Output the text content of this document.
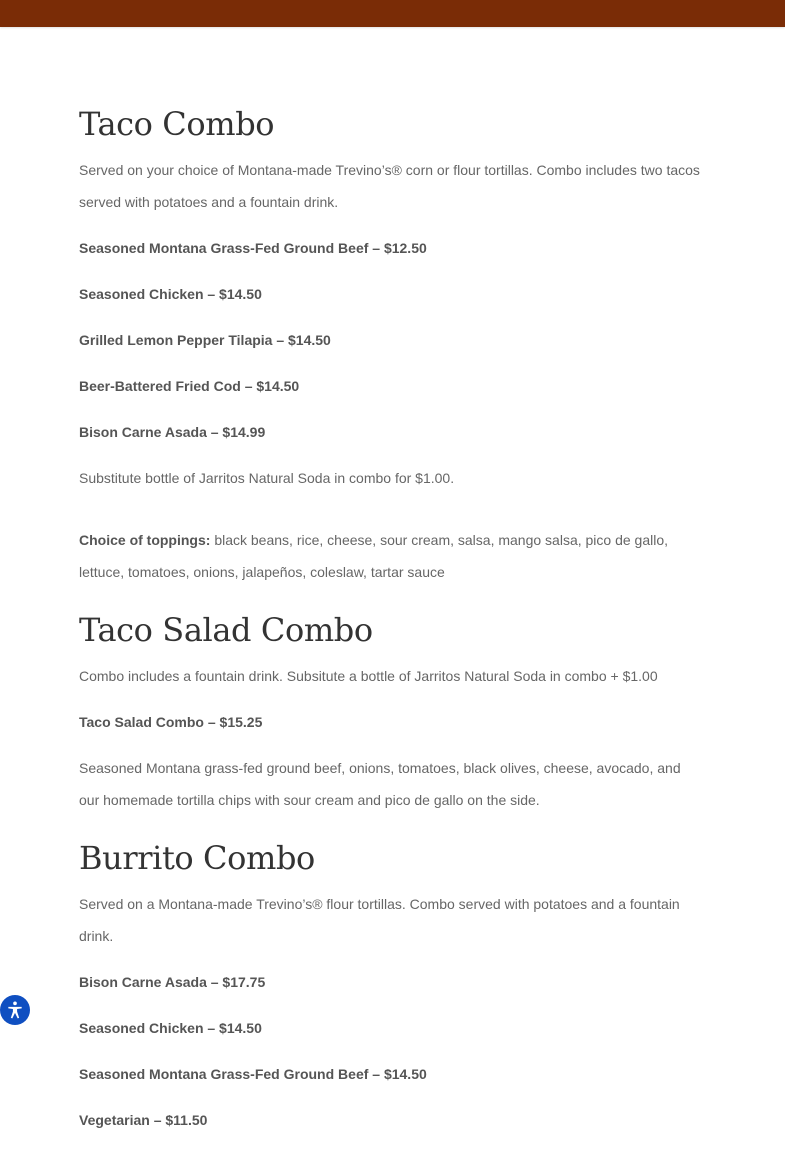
Taco Combo

Served on your choice of Montana-made Trevino’s® corn or flour tortillas. Combo includes two tacos served with potatoes and a fountain drink.

Seasoned Montana Grass-Fed Ground Beef – $12.50

Seasoned Chicken – $14.50

Grilled Lemon Pepper Tilapia – $14.50

Beer-Battered Fried Cod – $14.50

Bison Carne Asada – $14.99

Substitute bottle of Jarritos Natural Soda in combo for $1.00.

Choice of toppings: black beans, rice, cheese, sour cream, salsa, mango salsa, pico de gallo, lettuce, tomatoes, onions, jalapeños, coleslaw, tartar sauce

Taco Salad Combo

Combo includes a fountain drink. Subsitute a bottle of Jarritos Natural Soda in combo + $1.00

Taco Salad Combo – $15.25

Seasoned Montana grass-fed ground beef, onions, tomatoes, black olives, cheese, avocado, and our homemade tortilla chips with sour cream and pico de gallo on the side.

Burrito Combo

Served on a Montana-made Trevino’s® flour tortillas. Combo served with potatoes and a fountain drink.

Bison Carne Asada – $17.75

Seasoned Chicken – $14.50

Seasoned Montana Grass-Fed Ground Beef – $14.50

Vegetarian – $11.50
